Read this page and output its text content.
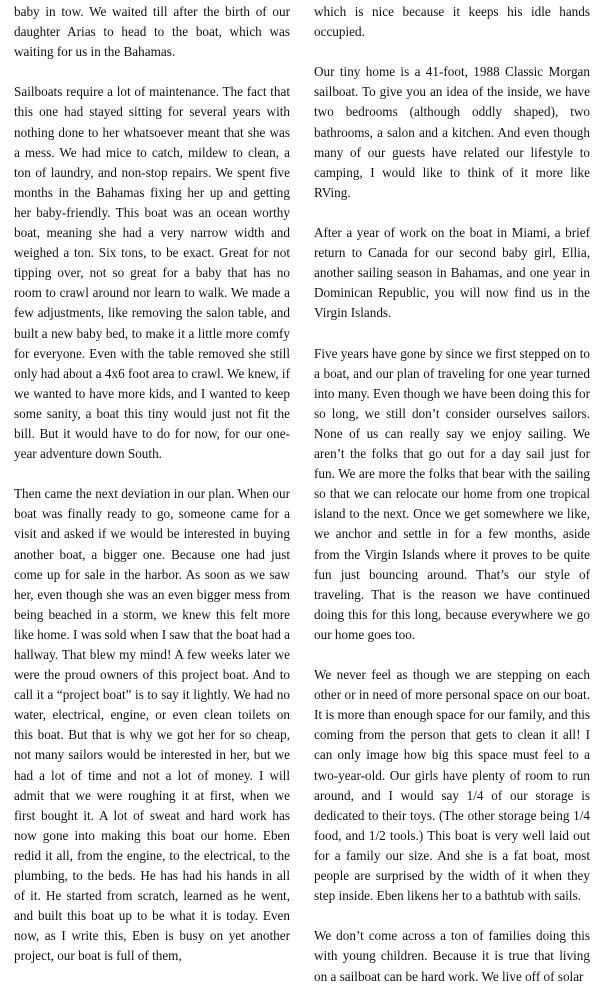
baby in tow. We waited till after the birth of our daughter Arias to head to the boat, which was waiting for us in the Bahamas.

Sailboats require a lot of maintenance. The fact that this one had stayed sitting for several years with nothing done to her whatsoever meant that she was a mess. We had mice to catch, mildew to clean, a ton of laundry, and non-stop repairs. We spent five months in the Bahamas fixing her up and getting her baby-friendly. This boat was an ocean worthy boat, meaning she had a very narrow width and weighed a ton. Six tons, to be exact. Great for not tipping over, not so great for a baby that has no room to crawl around nor learn to walk. We made a few adjustments, like removing the salon table, and built a new baby bed, to make it a little more comfy for everyone. Even with the table removed she still only had about a 4x6 foot area to crawl. We knew, if we wanted to have more kids, and I wanted to keep some sanity, a boat this tiny would just not fit the bill. But it would have to do for now, for our one-year adventure down South.

Then came the next deviation in our plan. When our boat was finally ready to go, someone came for a visit and asked if we would be interested in buying another boat, a bigger one. Because one had just come up for sale in the harbor. As soon as we saw her, even though she was an even bigger mess from being beached in a storm, we knew this felt more like home. I was sold when I saw that the boat had a hallway. That blew my mind! A few weeks later we were the proud owners of this project boat. And to call it a “project boat” is to say it lightly. We had no water, electrical, engine, or even clean toilets on this boat. But that is why we got her for so cheap, not many sailors would be interested in her, but we had a lot of time and not a lot of money. I will admit that we were roughing it at first, when we first bought it. A lot of sweat and hard work has now gone into making this boat our home. Eben redid it all, from the engine, to the electrical, to the plumbing, to the beds. He has had his hands in all of it. He started from scratch, learned as he went, and built this boat up to be what it is today. Even now, as I write this, Eben is busy on yet another project, our boat is full of them,

which is nice because it keeps his idle hands occupied.

Our tiny home is a 41-foot, 1988 Classic Morgan sailboat. To give you an idea of the inside, we have two bedrooms (although oddly shaped), two bathrooms, a salon and a kitchen. And even though many of our guests have related our lifestyle to camping, I would like to think of it more like RVing.

After a year of work on the boat in Miami, a brief return to Canada for our second baby girl, Ellia, another sailing season in Bahamas, and one year in Dominican Republic, you will now find us in the Virgin Islands.

Five years have gone by since we first stepped on to a boat, and our plan of traveling for one year turned into many. Even though we have been doing this for so long, we still don’t consider ourselves sailors. None of us can really say we enjoy sailing. We aren’t the folks that go out for a day sail just for fun. We are more the folks that bear with the sailing so that we can relocate our home from one tropical island to the next. Once we get somewhere we like, we anchor and settle in for a few months, aside from the Virgin Islands where it proves to be quite fun just bouncing around. That’s our style of traveling. That is the reason we have continued doing this for this long, because everywhere we go our home goes too.

We never feel as though we are stepping on each other or in need of more personal space on our boat. It is more than enough space for our family, and this coming from the person that gets to clean it all! I can only image how big this space must feel to a two-year-old. Our girls have plenty of room to run around, and I would say 1/4 of our storage is dedicated to their toys. (The other storage being 1/4 food, and 1/2 tools.) This boat is very well laid out for a family our size. And she is a fat boat, most people are surprised by the width of it when they step inside. Eben likens her to a bathtub with sails.

We don’t come across a ton of families doing this with young children. Because it is true that living on a sailboat can be hard work. We live off of solar
